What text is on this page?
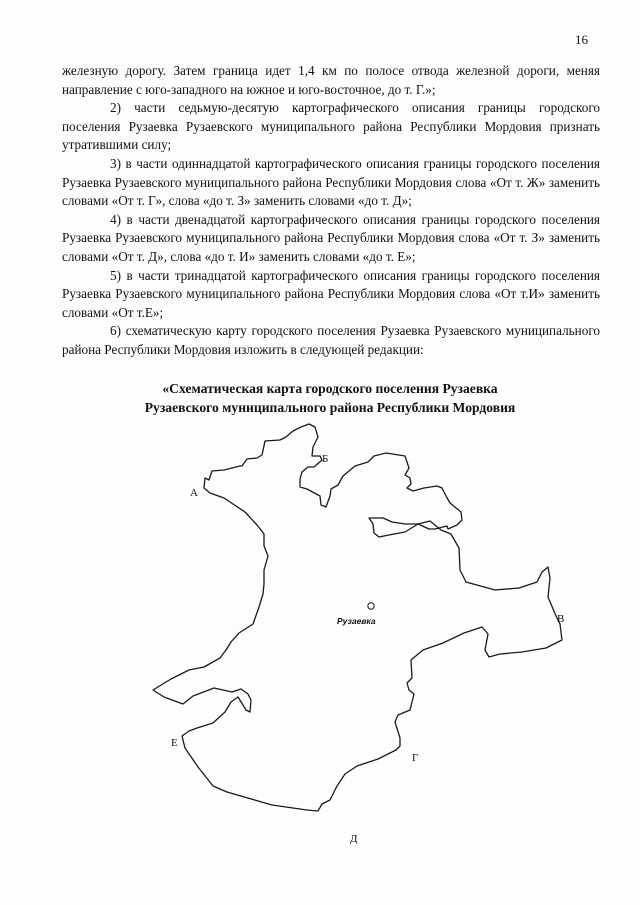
16

железную дорогу. Затем граница идет 1,4 км по полосе отвода железной дороги, меняя направление с юго-западного на южное и юго-восточное, до т. Г.»;

2) части седьмую-десятую картографического описания границы городского поселения Рузаевка Рузаевского муниципального района Республики Мордовия признать утратившими силу;

3) в части одиннадцатой картографического описания границы городского поселения Рузаевка Рузаевского муниципального района Республики Мордовия слова «От т. Ж» заменить словами «От т. Г», слова «до т. З» заменить словами «до т. Д»;

4) в части двенадцатой картографического описания границы городского поселения Рузаевка Рузаевского муниципального района Республики Мордовия слова «От т. З» заменить словами «От т. Д», слова «до т. И» заменить словами «до т. Е»;

5) в части тринадцатой картографического описания границы городского поселения Рузаевка Рузаевского муниципального района Республики Мордовия слова «От т.И» заменить словами «От т.Е»;

6) схематическую карту городского поселения Рузаевка Рузаевского муниципального района Республики Мордовия изложить в следующей редакции:

«Схематическая карта городского поселения Рузаевка
Рузаевского муниципального района Республики Мордовия
Рузаевка
А
Б
В
Г
Д
Е
